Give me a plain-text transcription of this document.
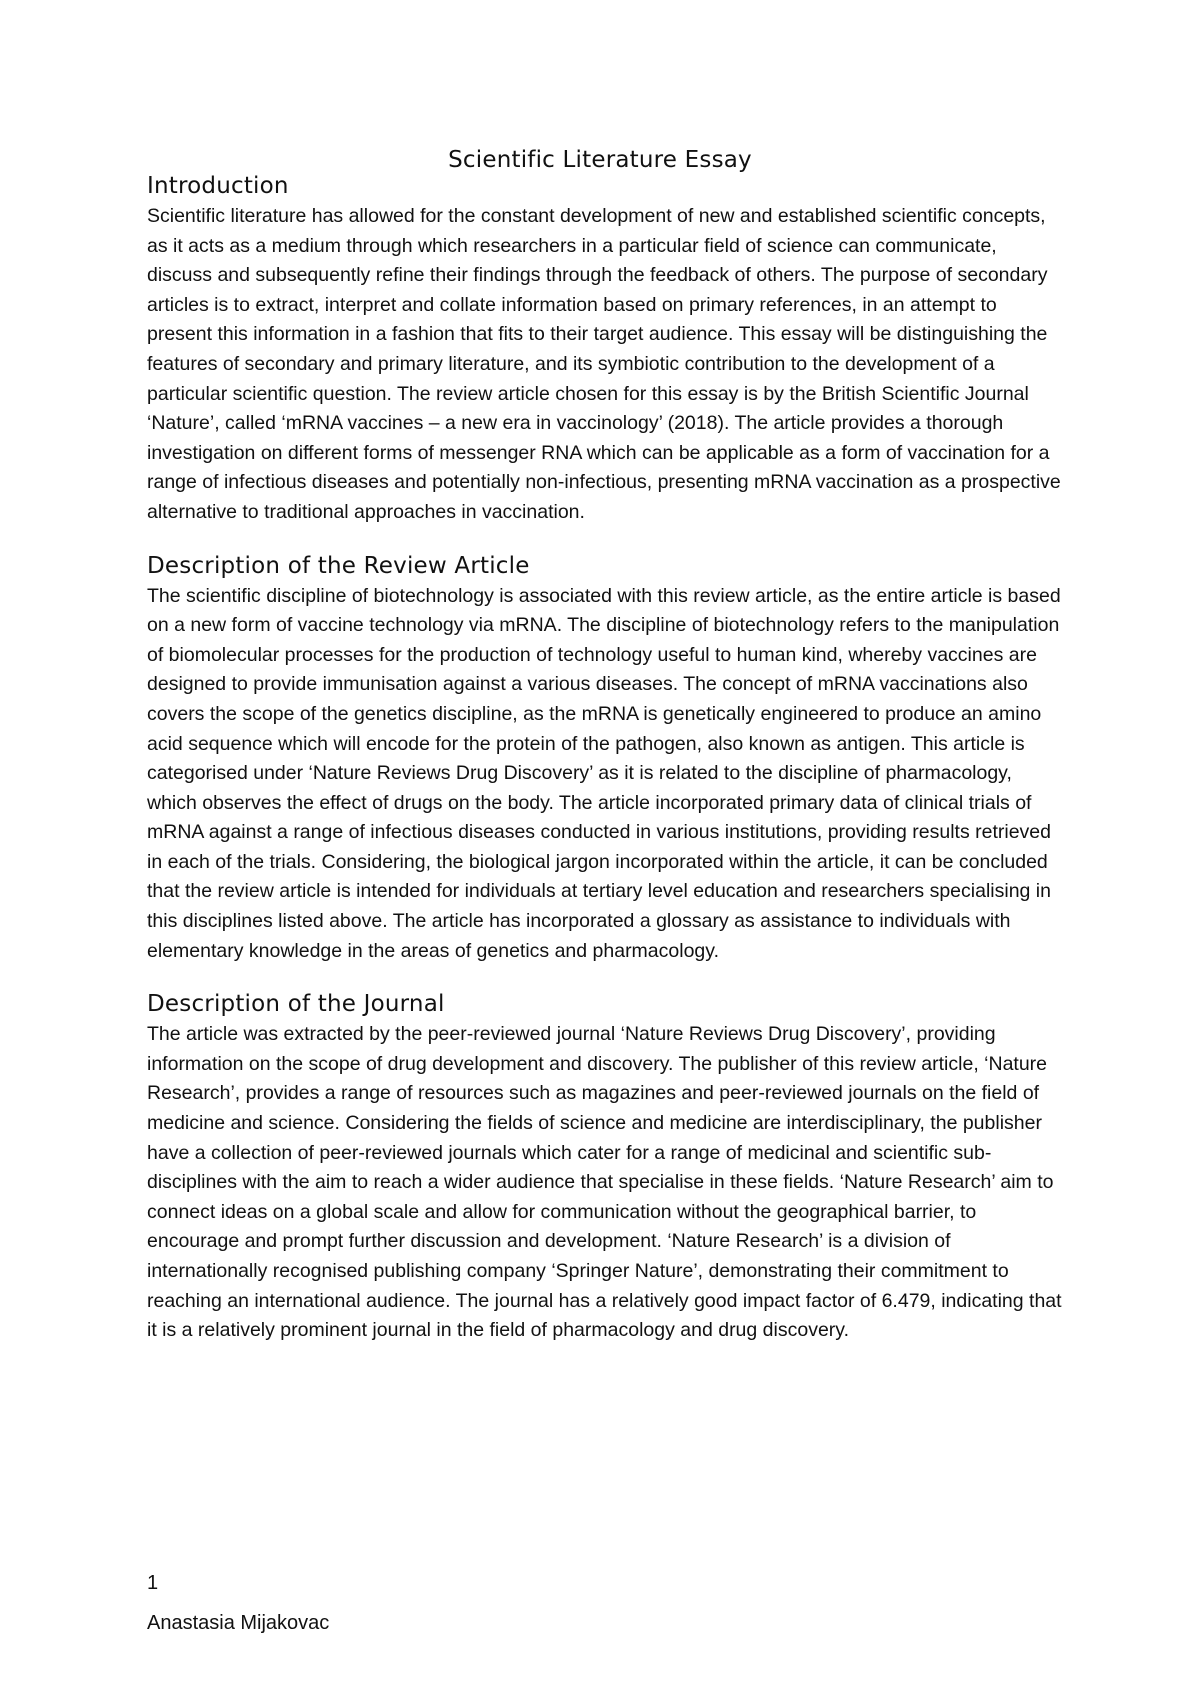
Scientific Literature Essay
Introduction

Scientific literature has allowed for the constant development of new and established scientific concepts, as it acts as a medium through which researchers in a particular field of science can communicate, discuss and subsequently refine their findings through the feedback of others. The purpose of secondary articles is to extract, interpret and collate information based on primary references, in an attempt to present this information in a fashion that fits to their target audience. This essay will be distinguishing the features of secondary and primary literature, and its symbiotic contribution to the development of a particular scientific question. The review article chosen for this essay is by the British Scientific Journal ‘Nature’, called ‘mRNA vaccines – a new era in vaccinology’ (2018). The article provides a thorough investigation on different forms of messenger RNA which can be applicable as a form of vaccination for a range of infectious diseases and potentially non-infectious, presenting mRNA vaccination as a prospective alternative to traditional approaches in vaccination.

Description of the Review Article

The scientific discipline of biotechnology is associated with this review article, as the entire article is based on a new form of vaccine technology via mRNA. The discipline of biotechnology refers to the manipulation of biomolecular processes for the production of technology useful to human kind, whereby vaccines are designed to provide immunisation against a various diseases. The concept of mRNA vaccinations also covers the scope of the genetics discipline, as the mRNA is genetically engineered to produce an amino acid sequence which will encode for the protein of the pathogen, also known as antigen. This article is categorised under ‘Nature Reviews Drug Discovery’ as it is related to the discipline of pharmacology, which observes the effect of drugs on the body. The article incorporated primary data of clinical trials of mRNA against a range of infectious diseases conducted in various institutions, providing results retrieved in each of the trials. Considering, the biological jargon incorporated within the article, it can be concluded that the review article is intended for individuals at tertiary level education and researchers specialising in this disciplines listed above. The article has incorporated a glossary as assistance to individuals with elementary knowledge in the areas of genetics and pharmacology.

Description of the Journal

The article was extracted by the peer-reviewed journal ‘Nature Reviews Drug Discovery’, providing information on the scope of drug development and discovery. The publisher of this review article, ‘Nature Research’, provides a range of resources such as magazines and peer-reviewed journals on the field of medicine and science. Considering the fields of science and medicine are interdisciplinary, the publisher have a collection of peer-reviewed journals which cater for a range of medicinal and scientific sub-disciplines with the aim to reach a wider audience that specialise in these fields. ‘Nature Research’ aim to connect ideas on a global scale and allow for communication without the geographical barrier, to encourage and prompt further discussion and development. ‘Nature Research’ is a division of internationally recognised publishing company ‘Springer Nature’, demonstrating their commitment to reaching an international audience. The journal has a relatively good impact factor of 6.479, indicating that it is a relatively prominent journal in the field of pharmacology and drug discovery.

1

Anastasia Mijakovac
